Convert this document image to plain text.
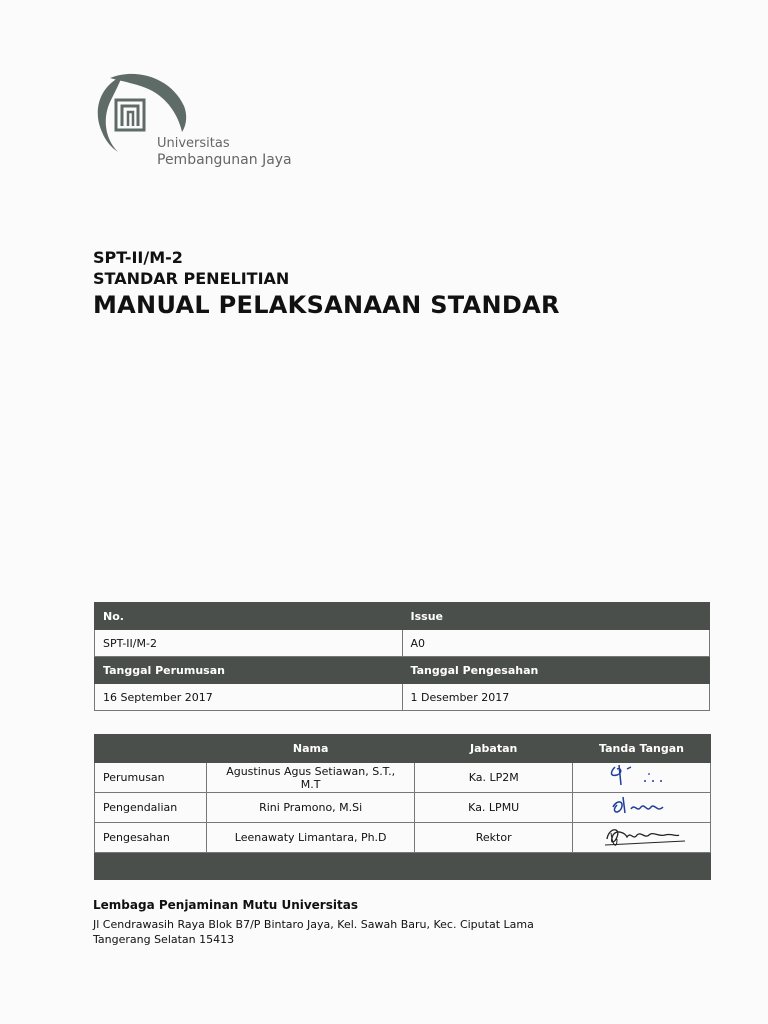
Universitas
Pembangunan Jaya
SPT-II/M-2
STANDAR PENELITIAN
MANUAL PELAKSANAAN STANDAR
No.	Issue
SPT-II/M-2	A0
Tanggal Perumusan	Tanggal Pengesahan
16 September 2017	1 Desember 2017
	Nama	Jabatan	Tanda Tangan
Perumusan	Agustinus Agus Setiawan, S.T., M.T	Ka. LP2M	
Pengendalian	Rini Pramono, M.Si	Ka. LPMU	
Pengesahan	Leenawaty Limantara, Ph.D	Rektor	

Lembaga Penjaminan Mutu Universitas
Jl Cendrawasih Raya Blok B7/P Bintaro Jaya, Kel. Sawah Baru, Kec. Ciputat Lama
Tangerang Selatan 15413
